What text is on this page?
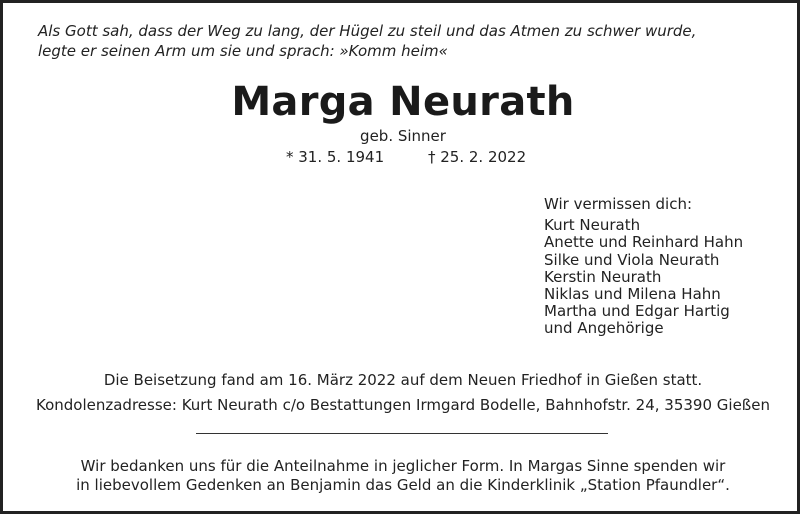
Als Gott sah, dass der Weg zu lang, der Hügel zu steil und das Atmen zu schwer wurde,
legte er seinen Arm um sie und sprach: »Komm heim«
Marga Neurath
geb. Sinner
* 31. 5. 1941	† 25. 2. 2022
Wir vermissen dich:
Kurt Neurath
Anette und Reinhard Hahn
Silke und Viola Neurath
Kerstin Neurath
Niklas und Milena Hahn
Martha und Edgar Hartig
und Angehörige
Die Beisetzung fand am 16. März 2022 auf dem Neuen Friedhof in Gießen statt.
Kondolenzadresse: Kurt Neurath c/o Bestattungen Irmgard Bodelle, Bahnhofstr. 24, 35390 Gießen
Wir bedanken uns für die Anteilnahme in jeglicher Form. In Margas Sinne spenden wir
in liebevollem Gedenken an Benjamin das Geld an die Kinderklinik „Station Pfaundler“.
